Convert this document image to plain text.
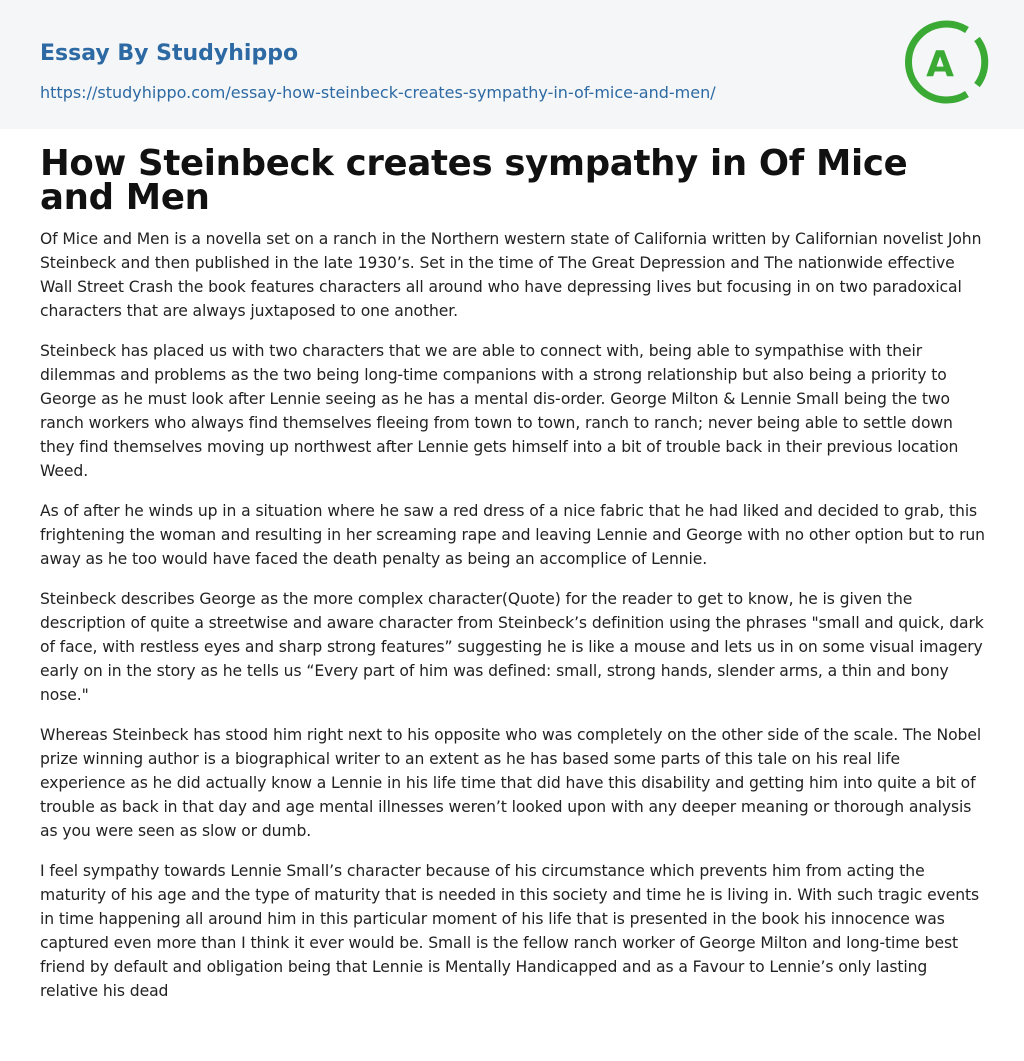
Essay By Studyhippo
https://studyhippo.com/essay-how-steinbeck-creates-sympathy-in-of-mice-and-men/
A
How Steinbeck creates sympathy in Of Mice and Men

Of Mice and Men is a novella set on a ranch in the Northern western state of California written by Californian novelist John Steinbeck and then published in the late 1930’s. Set in the time of The Great Depression and The nationwide effective Wall Street Crash the book features characters all around who have depressing lives but focusing in on two paradoxical characters that are always juxtaposed to one another.

Steinbeck has placed us with two characters that we are able to connect with, being able to sympathise with their dilemmas and problems as the two being long-time companions with a strong relationship but also being a priority to George as he must look after Lennie seeing as he has a mental dis-order. George Milton & Lennie Small being the two ranch workers who always find themselves fleeing from town to town, ranch to ranch; never being able to settle down they find themselves moving up northwest after Lennie gets himself into a bit of trouble back in their previous location Weed.

As of after he winds up in a situation where he saw a red dress of a nice fabric that he had liked and decided to grab, this frightening the woman and resulting in her screaming rape and leaving Lennie and George with no other option but to run away as he too would have faced the death penalty as being an accomplice of Lennie.

Steinbeck describes George as the more complex character(Quote) for the reader to get to know, he is given the description of quite a streetwise and aware character from Steinbeck’s definition using the phrases "small and quick, dark of face, with restless eyes and sharp strong features” suggesting he is like a mouse and lets us in on some visual imagery early on in the story as he tells us “Every part of him was defined: small, strong hands, slender arms, a thin and bony nose."

Whereas Steinbeck has stood him right next to his opposite who was completely on the other side of the scale. The Nobel prize winning author is a biographical writer to an extent as he has based some parts of this tale on his real life experience as he did actually know a Lennie in his life time that did have this disability and getting him into quite a bit of trouble as back in that day and age mental illnesses weren’t looked upon with any deeper meaning or thorough analysis as you were seen as slow or dumb.

I feel sympathy towards Lennie Small’s character because of his circumstance which prevents him from acting the maturity of his age and the type of maturity that is needed in this society and time he is living in. With such tragic events in time happening all around him in this particular moment of his life that is presented in the book his innocence was captured even more than I think it ever would be. Small is the fellow ranch worker of George Milton and long-time best friend by default and obligation being that Lennie is Mentally Handicapped and as a Favour to Lennie’s only lasting relative his dead
